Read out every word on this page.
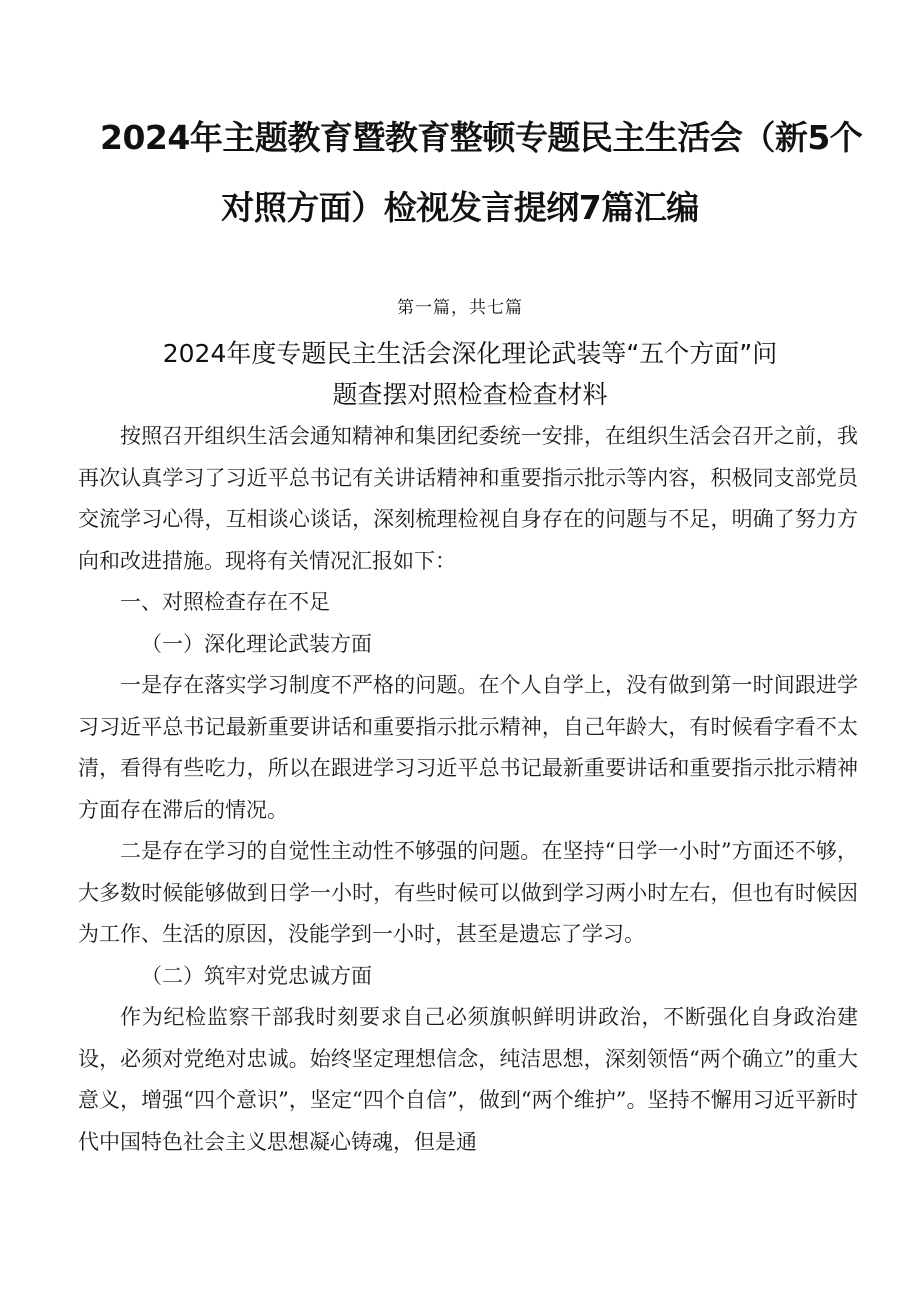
2024年主题教育暨教育整顿专题民主生活会（新5个
对照方面）检视发言提纲7篇汇编
第一篇，共七篇
2024年度专题民主生活会深化理论武装等“五个方面”问
题查摆对照检查检查材料

按照召开组织生活会通知精神和集团纪委统一安排，在组织生活会召开之前，我再次认真学习了习近平总书记有关讲话精神和重要指示批示等内容，积极同支部党员交流学习心得，互相谈心谈话，深刻梳理检视自身存在的问题与不足，明确了努力方向和改进措施。现将有关情况汇报如下：

一、对照检查存在不足

（一）深化理论武装方面

一是存在落实学习制度不严格的问题。在个人自学上，没有做到第一时间跟进学习习近平总书记最新重要讲话和重要指示批示精神，自己年龄大，有时候看字看不太清，看得有些吃力，所以在跟进学习习近平总书记最新重要讲话和重要指示批示精神方面存在滞后的情况。

二是存在学习的自觉性主动性不够强的问题。在坚持“日学一小时”方面还不够，大多数时候能够做到日学一小时，有些时候可以做到学习两小时左右，但也有时候因为工作、生活的原因，没能学到一小时，甚至是遗忘了学习。

（二）筑牢对党忠诚方面

作为纪检监察干部我时刻要求自己必须旗帜鲜明讲政治，不断强化自身政治建设，必须对党绝对忠诚。始终坚定理想信念，纯洁思想，深刻领悟“两个确立”的重大意义，增强“四个意识”，坚定“四个自信”，做到“两个维护”。坚持不懈用习近平新时代中国特色社会主义思想凝心铸魂，但是通
